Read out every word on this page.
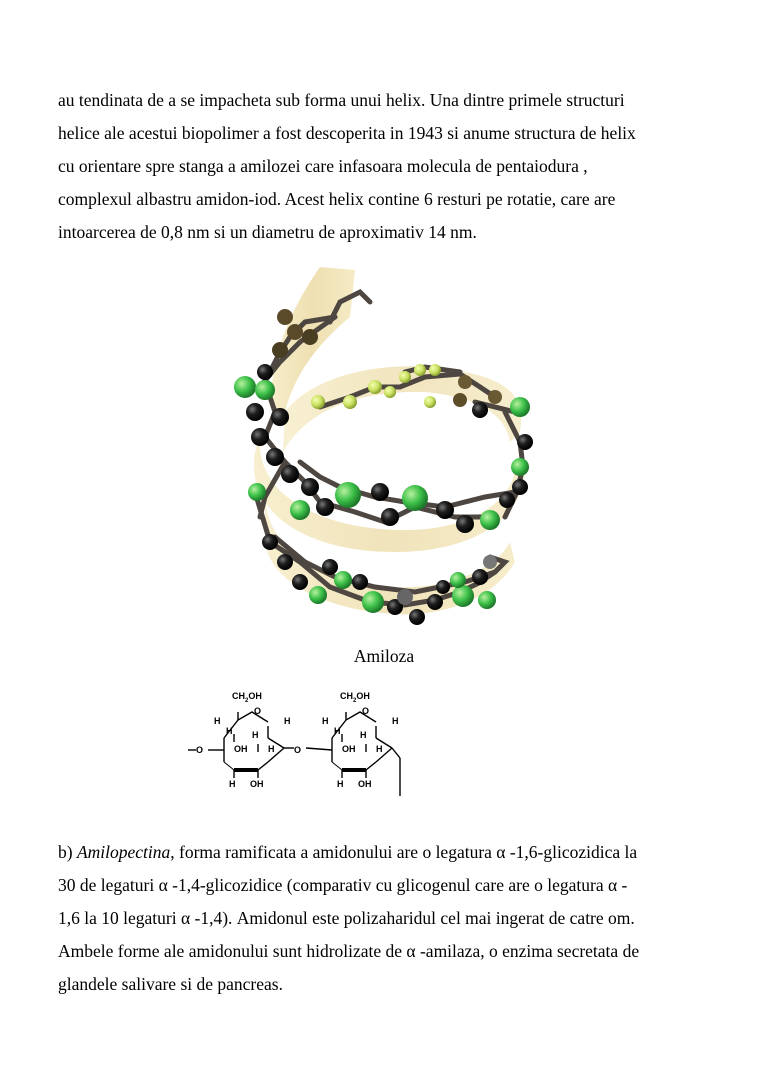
au tendinata de a se impacheta sub forma unui helix. Una dintre primele structuri
helice ale acestui biopolimer a fost descoperita in 1943 si anume structura de helix
cu orientare spre stanga a amilozei care infasoara molecula de pentaiodura ,
complexul albastru amidon-iod. Acest helix contine 6 resturi pe rotatie, care are
intoarcerea de 0,8 nm si un diametru de aproximativ 14 nm.
Amiloza
$CH_2OH$
O
H
H
H
OH H
H
H OH
O	O
$CH_2OH$
O
H
H
H
OH H
H
H OH
b) Amilopectina, forma ramificata a amidonului are o legatura α -1,6-glicozidica la
30 de legaturi α -1,4-glicozidice (comparativ cu glicogenul care are o legatura α -
1,6 la 10 legaturi α -1,4). Amidonul este polizaharidul cel mai ingerat de catre om.
Ambele forme ale amidonului sunt hidrolizate de α -amilaza, o enzima secretata de
glandele salivare si de pancreas.
